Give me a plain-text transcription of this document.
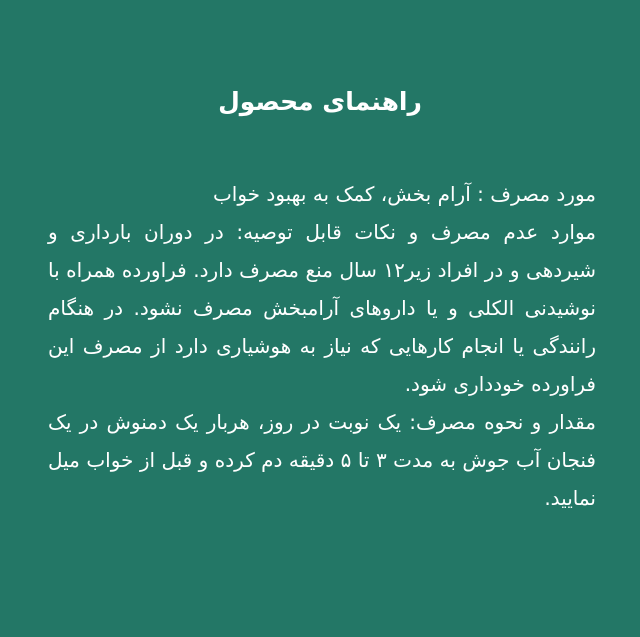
راهنمای محصول

مورد مصرف : آرام بخش، کمک به بهبود خواب

موارد عدم مصرف و نکات قابل توصیه: در دوران بارداری و شیردهی و در افراد زیر۱۲ سال منع مصرف دارد. فراورده همراه با نوشیدنی الکلی و یا داروهای آرامبخش مصرف نشود. در هنگام رانندگی یا انجام کارهایی که نیاز به هوشیاری دارد از مصرف این فراورده خودداری شود.

مقدار و نحوه مصرف: یک نوبت در روز، هربار یک دمنوش در یک فنجان آب جوش به مدت ۳ تا ۵ دقیقه دم کرده و قبل از خواب میل نمایید.
